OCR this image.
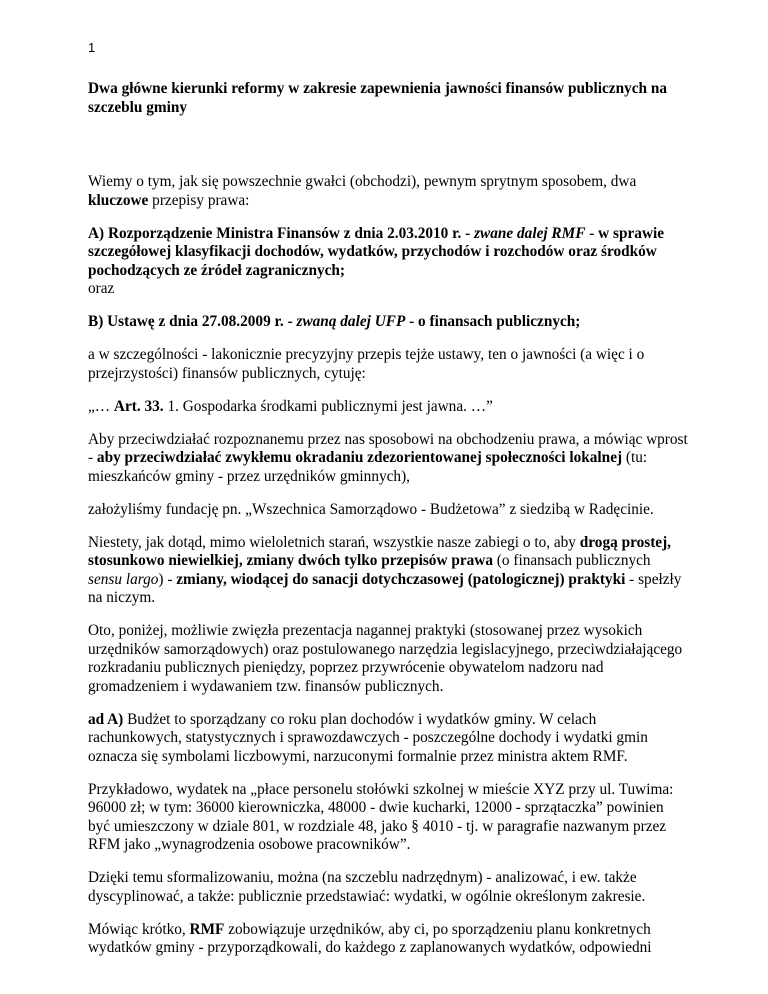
1

Dwa główne kierunki reformy w zakresie zapewnienia jawności finansów publicznych na szczeblu gminy

Wiemy o tym, jak się powszechnie gwałci (obchodzi), pewnym sprytnym sposobem, dwa kluczowe przepisy prawa:

A) Rozporządzenie Ministra Finansów z dnia 2.03.2010 r. - zwane dalej RMF - w sprawie szczegółowej klasyfikacji dochodów, wydatków, przychodów i rozchodów oraz środków pochodzących ze źródeł zagranicznych;
oraz

B) Ustawę z dnia 27.08.2009 r. - zwaną dalej UFP - o finansach publicznych;

a w szczególności - lakonicznie precyzyjny przepis tejże ustawy, ten o jawności (a więc i o przejrzystości) finansów publicznych, cytuję:

„… Art. 33. 1. Gospodarka środkami publicznymi jest jawna. …”

Aby przeciwdziałać rozpoznanemu przez nas sposobowi na obchodzeniu prawa, a mówiąc wprost - aby przeciwdziałać zwykłemu okradaniu zdezorientowanej społeczności lokalnej (tu: mieszkańców gminy - przez urzędników gminnych),

założyliśmy fundację pn. „Wszechnica Samorządowo - Budżetowa” z siedzibą w Radęcinie.

Niestety, jak dotąd, mimo wieloletnich starań, wszystkie nasze zabiegi o to, aby drogą prostej, stosunkowo niewielkiej, zmiany dwóch tylko przepisów prawa (o finansach publicznych sensu largo) - zmiany, wiodącej do sanacji dotychczasowej (patologicznej) praktyki - spełzły na niczym.

Oto, poniżej, możliwie zwięzła prezentacja nagannej praktyki (stosowanej przez wysokich urzędników samorządowych) oraz postulowanego narzędzia legislacyjnego, przeciwdziałającego rozkradaniu publicznych pieniędzy, poprzez przywrócenie obywatelom nadzoru nad gromadzeniem i wydawaniem tzw. finansów publicznych.

ad A) Budżet to sporządzany co roku plan dochodów i wydatków gminy. W celach rachunkowych, statystycznych i sprawozdawczych - poszczególne dochody i wydatki gmin oznacza się symbolami liczbowymi, narzuconymi formalnie przez ministra aktem RMF.

Przykładowo, wydatek na „płace personelu stołówki szkolnej w mieście XYZ przy ul. Tuwima: 96000 zł; w tym: 36000 kierowniczka, 48000 - dwie kucharki, 12000 - sprzątaczka” powinien być umieszczony w dziale 801, w rozdziale 48, jako § 4010 - tj. w paragrafie nazwanym przez RFM jako „wynagrodzenia osobowe pracowników”.

Dzięki temu sformalizowaniu, można (na szczeblu nadrzędnym) - analizować, i ew. także dyscyplinować, a także: publicznie przedstawiać: wydatki, w ogólnie określonym zakresie.

Mówiąc krótko, RMF zobowiązuje urzędników, aby ci, po sporządzeniu planu konkretnych wydatków gminy - przyporządkowali, do każdego z zaplanowanych wydatków, odpowiedni
